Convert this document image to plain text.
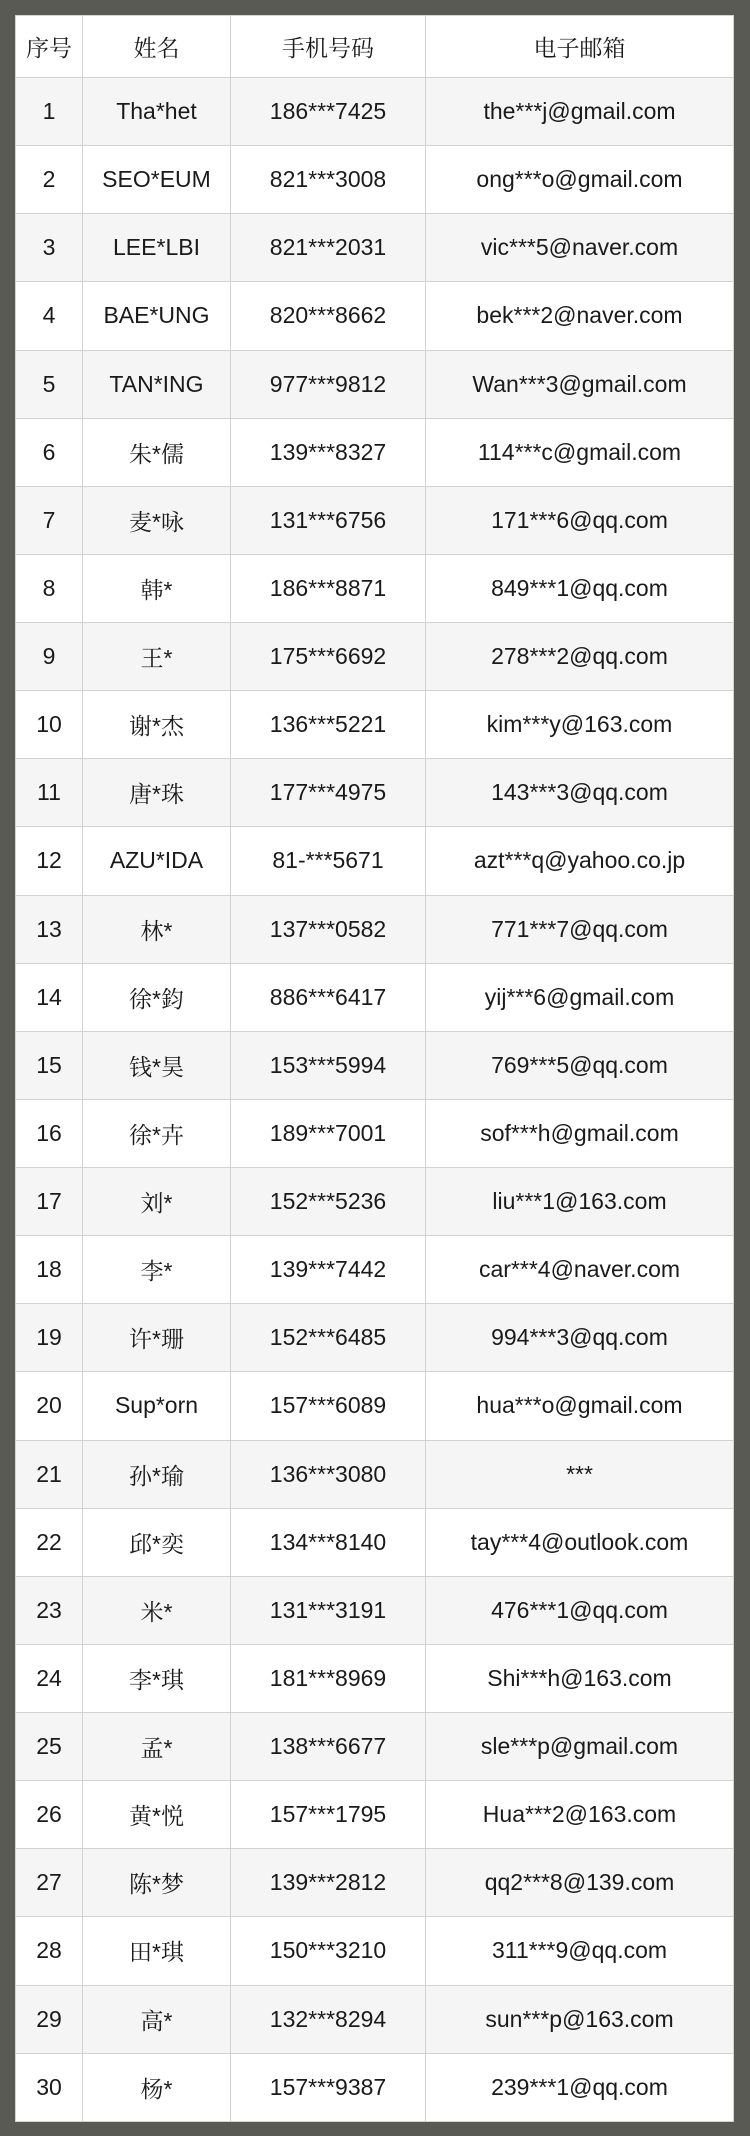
序号	姓名	手机号码	电子邮箱
1	Tha*het	186***7425	the***j@gmail.com
2	SEO*EUM	821***3008	ong***o@gmail.com
3	LEE*LBI	821***2031	vic***5@naver.com
4	BAE*UNG	820***8662	bek***2@naver.com
5	TAN*ING	977***9812	Wan***3@gmail.com
6	朱*儒	139***8327	114***c@gmail.com
7	麦*咏	131***6756	171***6@qq.com
8	韩*	186***8871	849***1@qq.com
9	王*	175***6692	278***2@qq.com
10	谢*杰	136***5221	kim***y@163.com
11	唐*珠	177***4975	143***3@qq.com
12	AZU*IDA	81-***5671	azt***q@yahoo.co.jp
13	林*	137***0582	771***7@qq.com
14	徐*鈞	886***6417	yij***6@gmail.com
15	钱*昊	153***5994	769***5@qq.com
16	徐*卉	189***7001	sof***h@gmail.com
17	刘*	152***5236	liu***1@163.com
18	李*	139***7442	car***4@naver.com
19	许*珊	152***6485	994***3@qq.com
20	Sup*orn	157***6089	hua***o@gmail.com
21	孙*瑜	136***3080	***
22	邱*奕	134***8140	tay***4@outlook.com
23	米*	131***3191	476***1@qq.com
24	李*琪	181***8969	Shi***h@163.com
25	孟*	138***6677	sle***p@gmail.com
26	黄*悦	157***1795	Hua***2@163.com
27	陈*梦	139***2812	qq2***8@139.com
28	田*琪	150***3210	311***9@qq.com
29	高*	132***8294	sun***p@163.com
30	杨*	157***9387	239***1@qq.com
